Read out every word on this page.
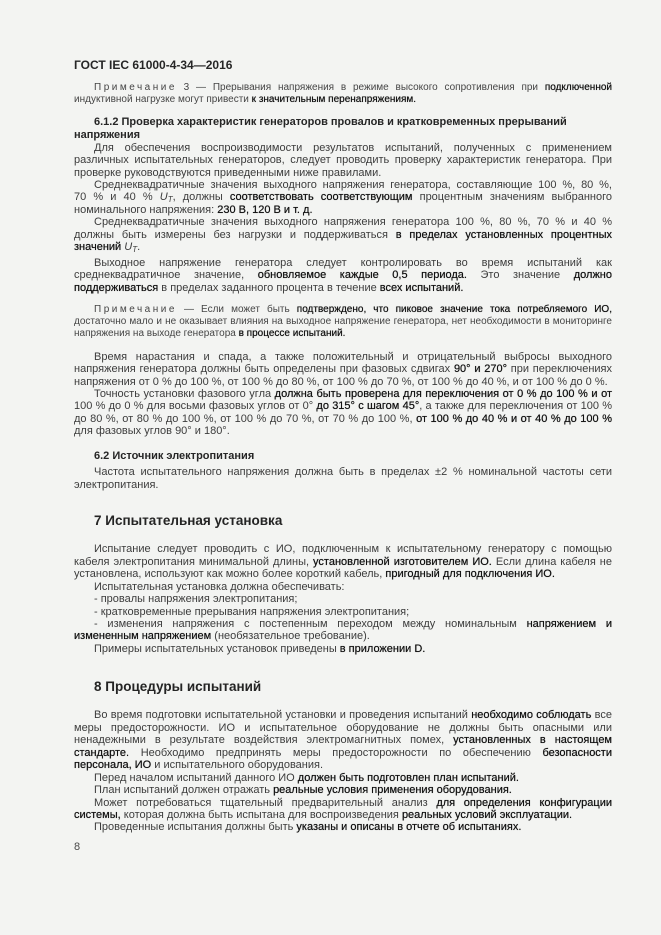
ГОСТ IEC 61000-4-34—2016
Примечание 3 — Прерывания напряжения в режиме высокого сопротивления при подключенной индуктивной нагрузке могут привести к значительным перенапряжениям.
6.1.2 Проверка характеристик генераторов провалов и кратковременных прерываний напряжения
Для обеспечения воспроизводимости результатов испытаний, полученных с применением различных испытательных генераторов, следует проводить проверку характеристик генератора. При проверке руководствуются приведенными ниже правилами.
Среднеквадратичные значения выходного напряжения генератора, составляющие 100 %, 80 %, 70 % и 40 % $U_T$, должны соответствовать соответствующим процентным значениям выбранного номинального напряжения: 230 В, 120 В и т. д.
Среднеквадратичные значения выходного напряжения генератора 100 %, 80 %, 70 % и 40 % должны быть измерены без нагрузки и поддерживаться в пределах установленных процентных значений $U_T$.
Выходное напряжение генератора следует контролировать во время испытаний как среднеквадратичное значение, обновляемое каждые 0,5 периода. Это значение должно поддерживаться в пределах заданного процента в течение всех испытаний.
Примечание — Если может быть подтверждено, что пиковое значение тока потребляемого ИО, достаточно мало и не оказывает влияния на выходное напряжение генератора, нет необходимости в мониторинге напряжения на выходе генератора в процессе испытаний.
Время нарастания и спада, а также положительный и отрицательный выбросы выходного напряжения генератора должны быть определены при фазовых сдвигах 90° и 270° при переключениях напряжения от 0 % до 100 %, от 100 % до 80 %, от 100 % до 70 %, от 100 % до 40 %, и от 100 % до 0 %.
Точность установки фазового угла должна быть проверена для переключения от 0 % до 100 % и от 100 % до 0 % для восьми фазовых углов от 0° до 315° с шагом 45°, а также для переключения от 100 % до 80 %, от 80 % до 100 %, от 100 % до 70 %, от 70 % до 100 %, от 100 % до 40 % и от 40 % до 100 % для фазовых углов 90° и 180°.
6.2 Источник электропитания
Частота испытательного напряжения должна быть в пределах ±2 % номинальной частоты сети электропитания.
7 Испытательная установка
Испытание следует проводить с ИО, подключенным к испытательному генератору с помощью кабеля электропитания минимальной длины, установленной изготовителем ИО. Если длина кабеля не установлена, используют как можно более короткий кабель, пригодный для подключения ИО.
Испытательная установка должна обеспечивать:
- провалы напряжения электропитания;
- кратковременные прерывания напряжения электропитания;
- изменения напряжения с постепенным переходом между номинальным напряжением и измененным напряжением (необязательное требование).
Примеры испытательных установок приведены в приложении D.
8 Процедуры испытаний
Во время подготовки испытательной установки и проведения испытаний необходимо соблюдать все меры предосторожности. ИО и испытательное оборудование не должны быть опасными или ненадежными в результате воздействия электромагнитных помех, установленных в настоящем стандарте. Необходимо предпринять меры предосторожности по обеспечению безопасности персонала, ИО и испытательного оборудования.
Перед началом испытаний данного ИО должен быть подготовлен план испытаний.
План испытаний должен отражать реальные условия применения оборудования.
Может потребоваться тщательный предварительный анализ для определения конфигурации системы, которая должна быть испытана для воспроизведения реальных условий эксплуатации.
Проведенные испытания должны быть указаны и описаны в отчете об испытаниях.
8
